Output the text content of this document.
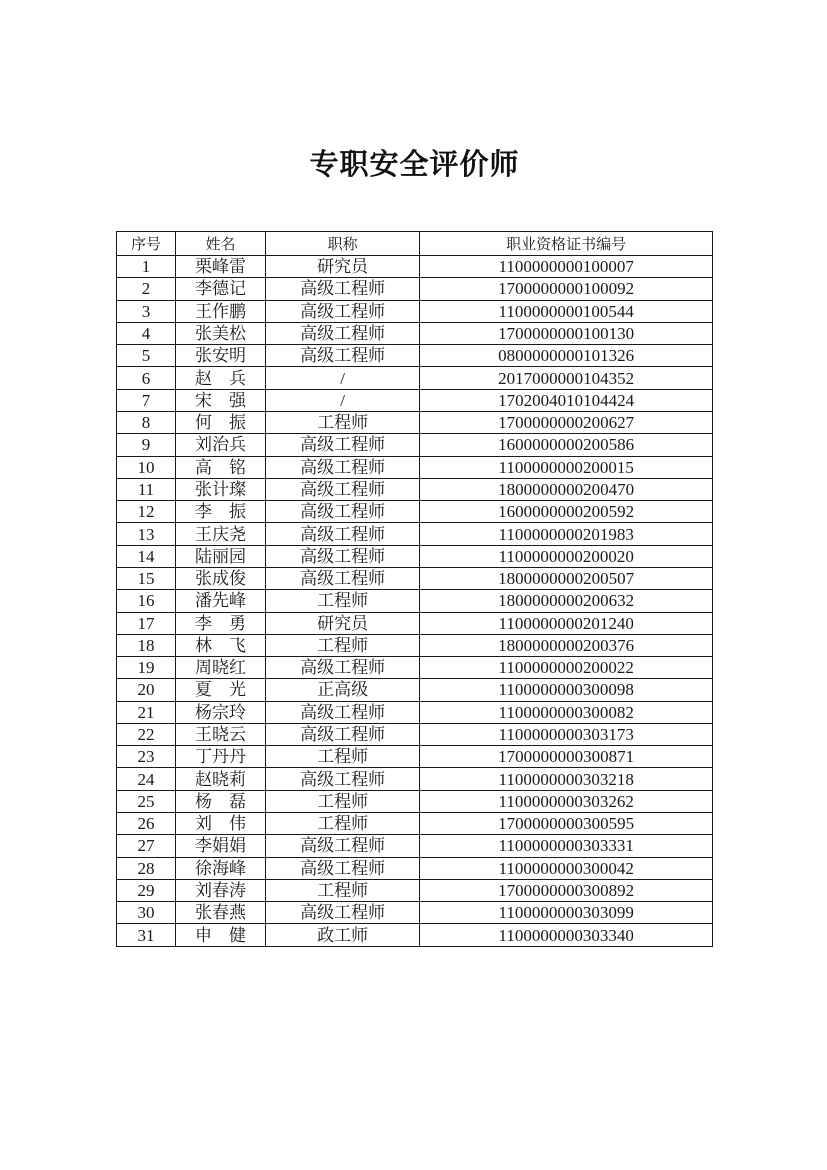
专职安全评价师
序号	姓名	职称	职业资格证书编号
1	栗峰雷	研究员	1100000000100007
2	李德记	高级工程师	1700000000100092
3	王作鹏	高级工程师	1100000000100544
4	张美松	高级工程师	1700000000100130
5	张安明	高级工程师	0800000000101326
6	赵　兵	/	2017000000104352
7	宋　强	/	1702004010104424
8	何　振	工程师	1700000000200627
9	刘治兵	高级工程师	1600000000200586
10	高　铭	高级工程师	1100000000200015
11	张计璨	高级工程师	1800000000200470
12	李　振	高级工程师	1600000000200592
13	王庆尧	高级工程师	1100000000201983
14	陆丽园	高级工程师	1100000000200020
15	张成俊	高级工程师	1800000000200507
16	潘先峰	工程师	1800000000200632
17	李　勇	研究员	1100000000201240
18	林　飞	工程师	1800000000200376
19	周晓红	高级工程师	1100000000200022
20	夏　光	正高级	1100000000300098
21	杨宗玲	高级工程师	1100000000300082
22	王晓云	高级工程师	1100000000303173
23	丁丹丹	工程师	1700000000300871
24	赵晓莉	高级工程师	1100000000303218
25	杨　磊	工程师	1100000000303262
26	刘　伟	工程师	1700000000300595
27	李娟娟	高级工程师	1100000000303331
28	徐海峰	高级工程师	1100000000300042
29	刘春涛	工程师	1700000000300892
30	张春燕	高级工程师	1100000000303099
31	申　健	政工师	1100000000303340
